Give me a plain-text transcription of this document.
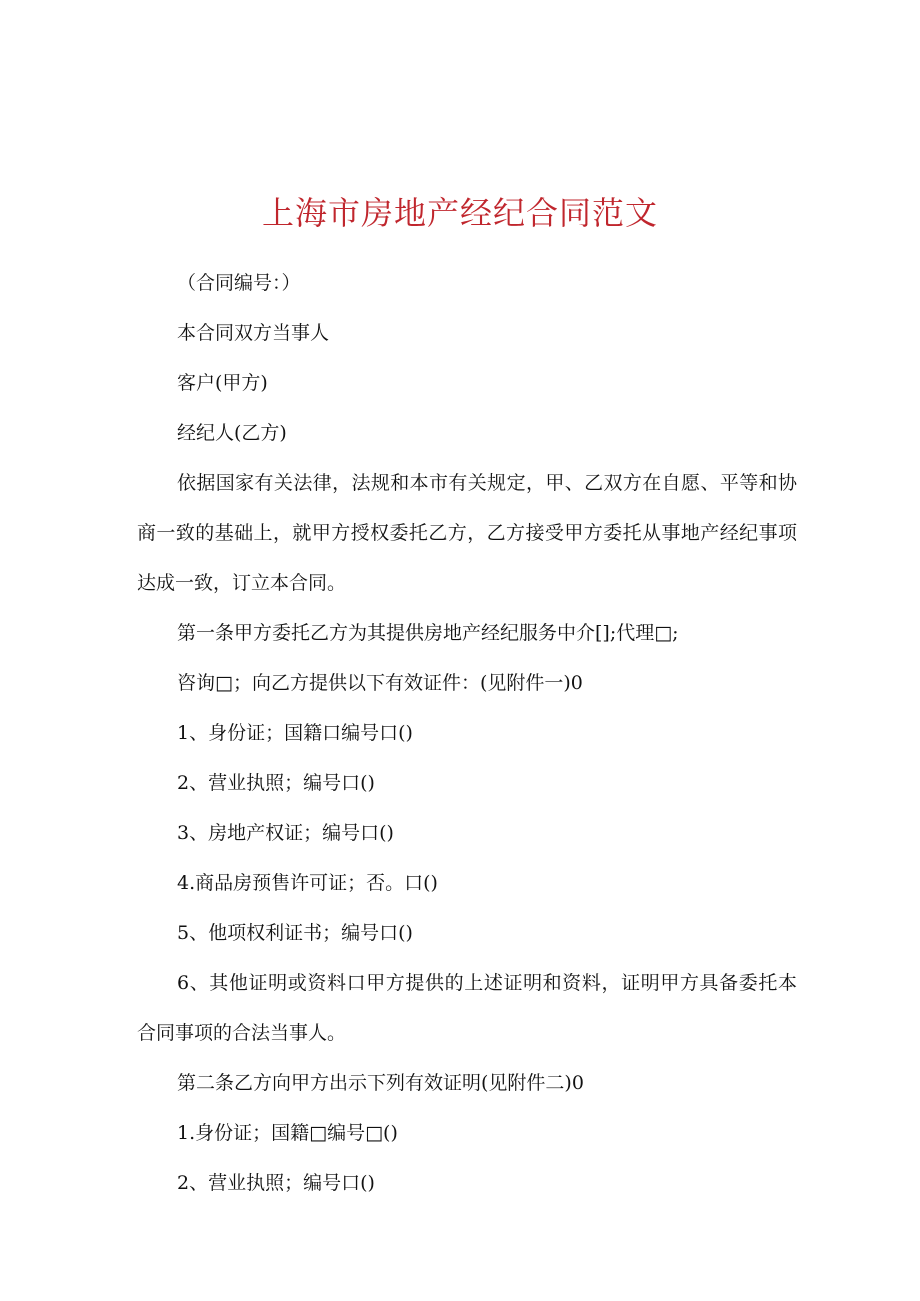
上海市房地产经纪合同范文

（合同编号：）

本合同双方当事人

客户(甲方)

经纪人(乙方)

依据国家有关法律，法规和本市有关规定，甲、乙双方在自愿、平等和协商一致的基础上，就甲方授权委托乙方，乙方接受甲方委托从事地产经纪事项达成一致，订立本合同。

第一条甲方委托乙方为其提供房地产经纪服务中介[];代理□;

咨询□；向乙方提供以下有效证件：(见附件一)0

1、身份证；国籍口编号口()

2、营业执照；编号口()

3、房地产权证；编号口()

4.商品房预售许可证；否。口()

5、他项权利证书；编号口()

6、其他证明或资料口甲方提供的上述证明和资料，证明甲方具备委托本合同事项的合法当事人。

第二条乙方向甲方出示下列有效证明(见附件二)0

1.身份证；国籍□编号□()

2、营业执照；编号口()
